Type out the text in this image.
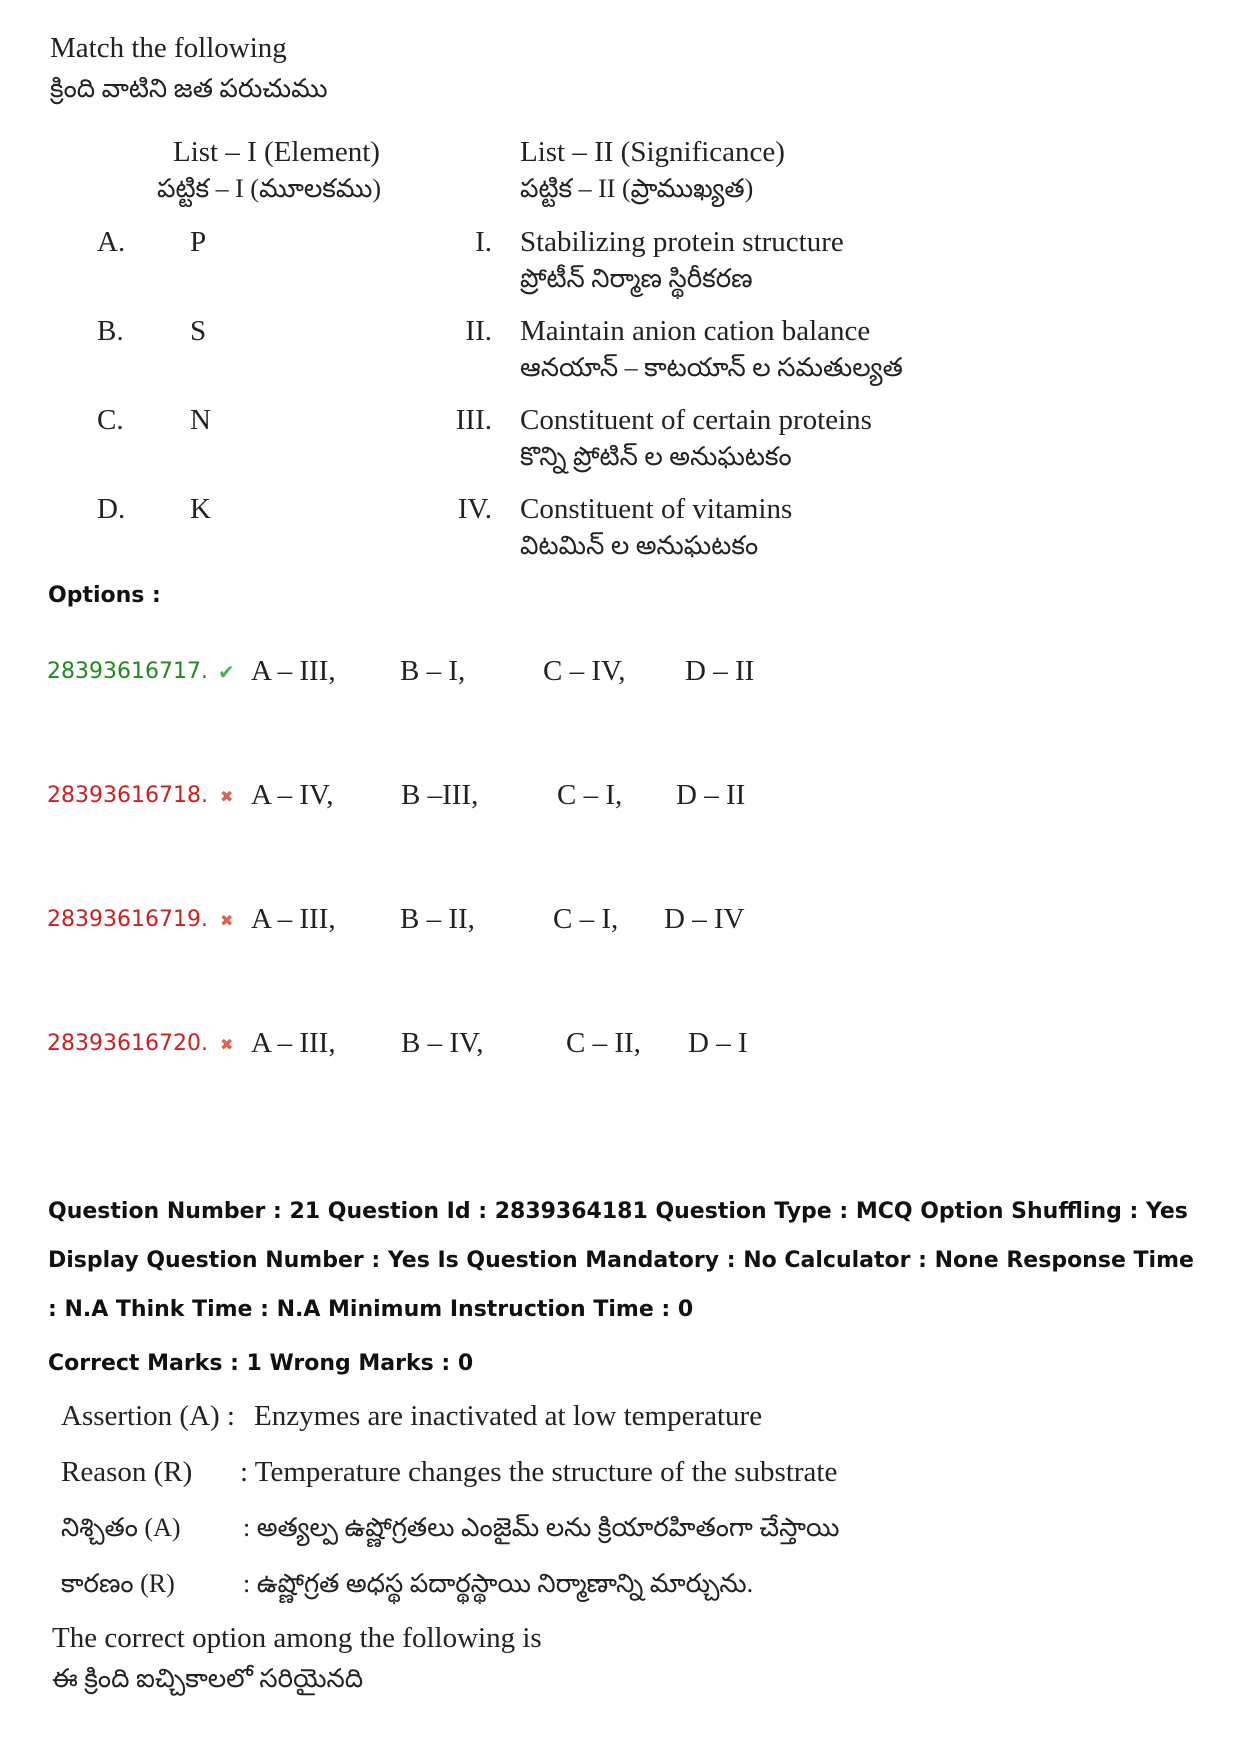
Match the following
క్రింది వాటిని జత పరుచుము
List – I (Element)
పట్టిక – I (మూలకము)
List – II (Significance)
పట్టిక – II (ప్రాముఖ్యత)
A. P	I. Stabilizing protein structure
ప్రోటీన్ నిర్మాణ స్థిరీకరణ
B. S	II. Maintain anion cation balance
ఆనయాన్ – కాటయాన్ ల సమతుల్యత
C. N	III. Constituent of certain proteins
కొన్ని ప్రోటిన్ ల అనుఘటకం
D. K	IV. Constituent of vitamins
విటమిన్ ల అనుఘటకం
Options :
28393616717. ✔ A – III, B – I,	C – IV, D – II
28393616718. ✖ A – IV, B –III,	C – I, D – II
28393616719. ✖ A – III, B – II,	C – I, D – IV
28393616720. ✖ A – III, B – IV,	C – II, D – I
Question Number : 21 Question Id : 2839364181 Question Type : MCQ Option Shuffling : Yes
Display Question Number : Yes Is Question Mandatory : No Calculator : None Response Time
: N.A Think Time : N.A Minimum Instruction Time : 0
Correct Marks : 1 Wrong Marks : 0
Assertion (A) : Enzymes are inactivated at low temperature
Reason (R) : Temperature changes the structure of the substrate
నిశ్చితం (A) : అత్యల్ప ఉష్ణోగ్రతలు ఎంజైమ్ లను క్రియారహితంగా చేస్తాయి
కారణం (R)	: ఉష్ణోగ్రత అధస్థ పదార్థస్థాయి నిర్మాణాన్ని మార్చును.
The correct option among the following is
ఈ క్రింది ఐచ్చికాలలో సరియైనది
